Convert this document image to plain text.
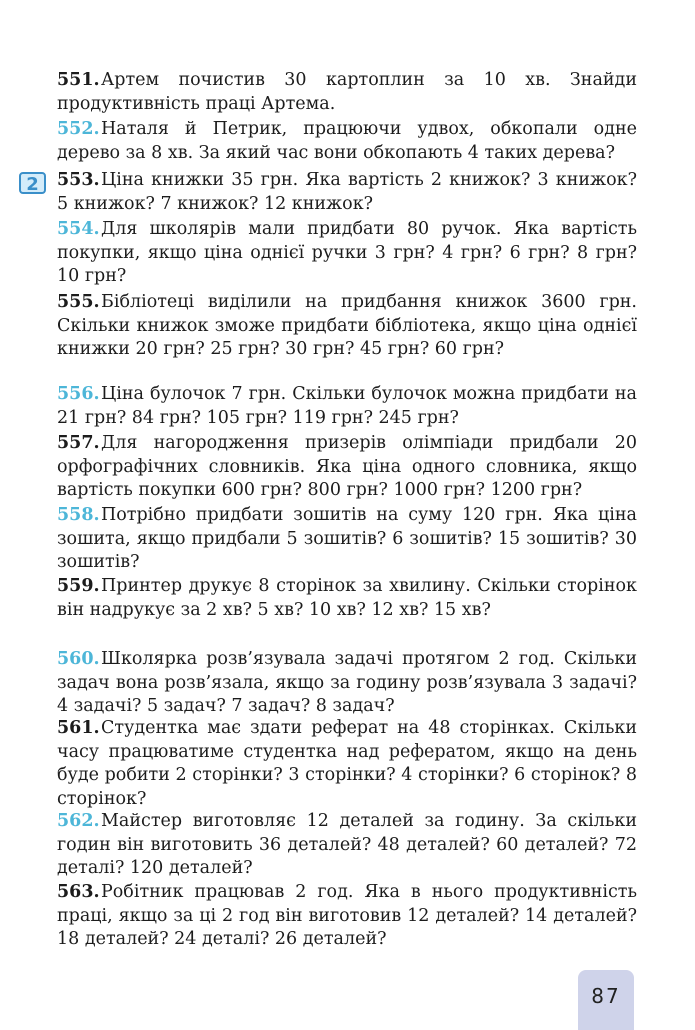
2
551.Артем почистив 30 картоплин за 10 хв. Знайди продуктивність праці Артема.
552.Наталя й Петрик, працюючи удвох, обкопали одне дерево за 8 хв. За який час вони обкопають 4 таких дерева?
553.Ціна книжки 35 грн. Яка вартість 2 книжок? 3 книжок? 5 книжок? 7 книжок? 12 книжок?
554.Для школярів мали придбати 80 ручок. Яка вартість покупки, якщо ціна однієї ручки 3 грн? 4 грн? 6 грн? 8 грн? 10 грн?
555.Бібліотеці виділили на придбання книжок 3600 грн. Скільки книжок зможе придбати бібліотека, якщо ціна однієї книжки 20 грн? 25 грн? 30 грн? 45 грн? 60 грн?
556.Ціна булочок 7 грн. Скільки булочок можна придбати на 21 грн? 84 грн? 105 грн? 119 грн? 245 грн?
557.Для нагородження призерів олімпіади придбали 20 орфографічних словників. Яка ціна одного словника, якщо вартість покупки 600 грн? 800 грн? 1000 грн? 1200 грн?
558.Потрібно придбати зошитів на суму 120 грн. Яка ціна зошита, якщо придбали 5 зошитів? 6 зошитів? 15 зошитів? 30 зошитів?
559.Принтер друкує 8 сторінок за хвилину. Скільки сторінок він надрукує за 2 хв? 5 хв? 10 хв? 12 хв? 15 хв?
560.Школярка розв’язувала задачі протягом 2 год. Скільки задач вона розв’язала, якщо за годину розв’язувала 3 задачі? 4 задачі? 5 задач? 7 задач? 8 задач?
561.Студентка має здати реферат на 48 сторінках. Скільки часу працюватиме студентка над рефератом, якщо на день буде робити 2 сторінки? 3 сторінки? 4 сторінки? 6 сторінок? 8 сторінок?
562.Майстер виготовляє 12 деталей за годину. За скільки годин він виготовить 36 деталей? 48 деталей? 60 деталей? 72 деталі? 120 деталей?
563.Робітник працював 2 год. Яка в нього продуктивність праці, якщо за ці 2 год він виготовив 12 деталей? 14 деталей? 18 деталей? 24 деталі? 26 деталей?
87
